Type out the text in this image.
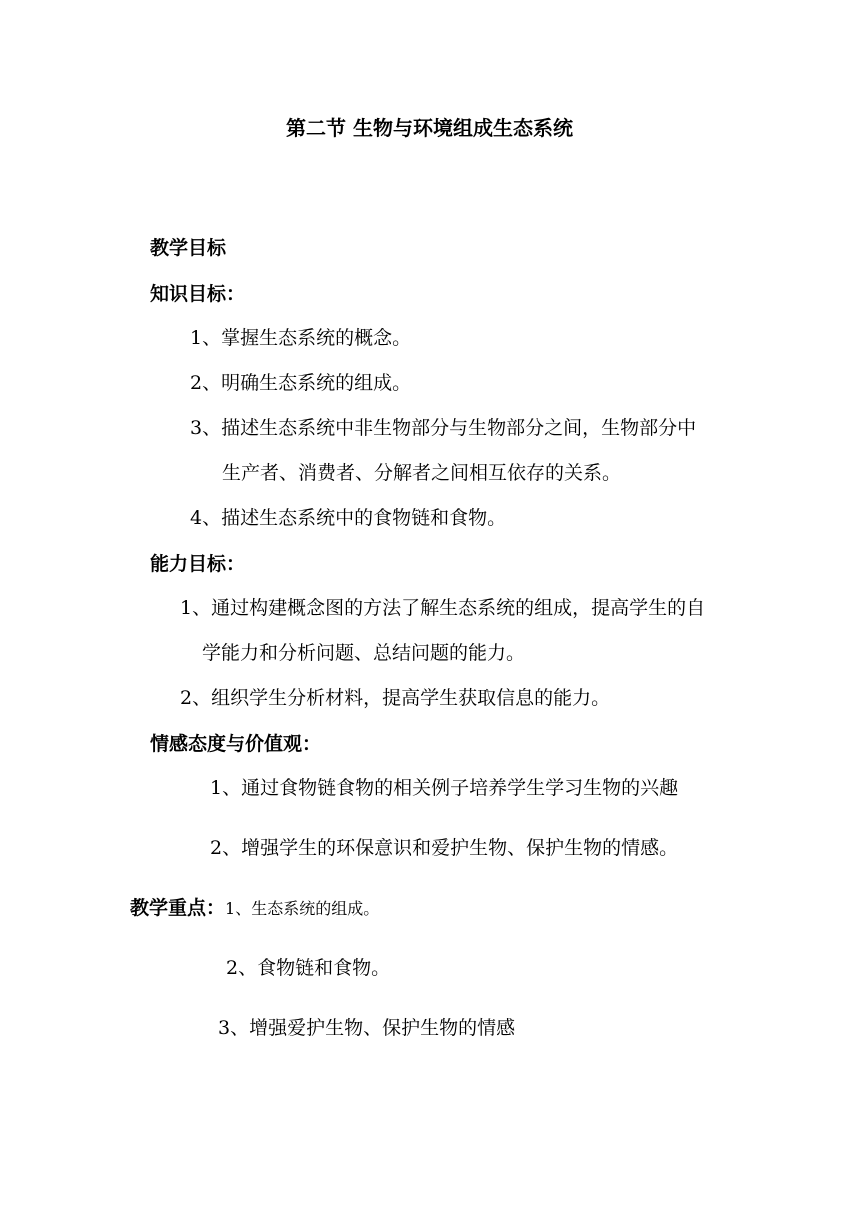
第二节 生物与环境组成生态系统
教学目标
知识目标：
1、掌握生态系统的概念。
2、明确生态系统的组成。
3、描述生态系统中非生物部分与生物部分之间，生物部分中
生产者、消费者、分解者之间相互依存的关系。
4、描述生态系统中的食物链和食物。
能力目标：
1、通过构建概念图的方法了解生态系统的组成，提高学生的自
学能力和分析问题、总结问题的能力。
2、组织学生分析材料，提高学生获取信息的能力。
情感态度与价值观：
1、通过食物链食物的相关例子培养学生学习生物的兴趣
2、增强学生的环保意识和爱护生物、保护生物的情感。
教学重点：1、生态系统的组成。
2、食物链和食物。
3、增强爱护生物、保护生物的情感
